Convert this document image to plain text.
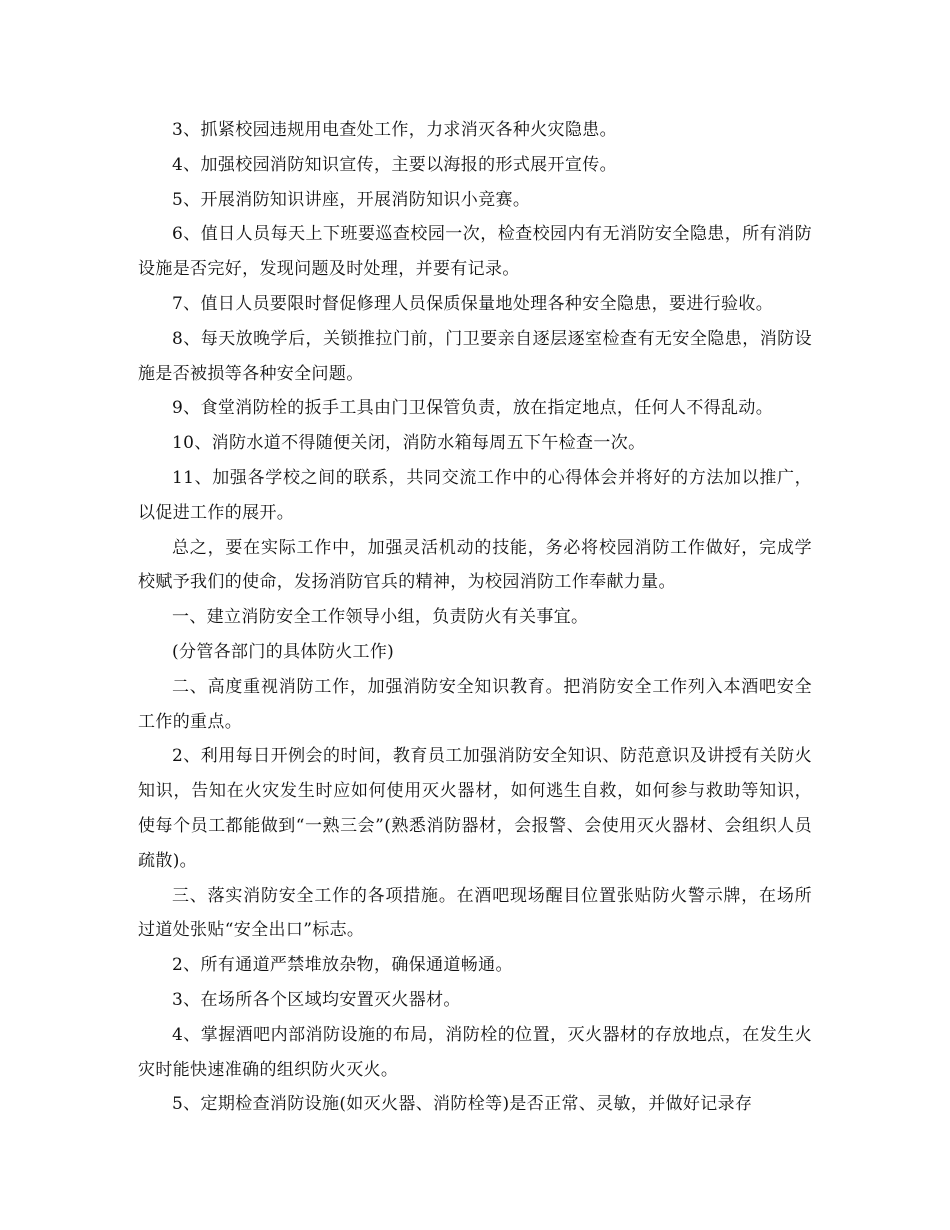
3、抓紧校园违规用电查处工作，力求消灭各种火灾隐患。

4、加强校园消防知识宣传，主要以海报的形式展开宣传。

5、开展消防知识讲座，开展消防知识小竞赛。

6、值日人员每天上下班要巡查校园一次，检查校园内有无消防安全隐患，所有消防设施是否完好，发现问题及时处理，并要有记录。

7、值日人员要限时督促修理人员保质保量地处理各种安全隐患，要进行验收。

8、每天放晚学后，关锁推拉门前，门卫要亲自逐层逐室检查有无安全隐患，消防设施是否被损等各种安全问题。

9、食堂消防栓的扳手工具由门卫保管负责，放在指定地点，任何人不得乱动。

10、消防水道不得随便关闭，消防水箱每周五下午检查一次。

11、加强各学校之间的联系，共同交流工作中的心得体会并将好的方法加以推广，以促进工作的展开。

总之，要在实际工作中，加强灵活机动的技能，务必将校园消防工作做好，完成学校赋予我们的使命，发扬消防官兵的精神，为校园消防工作奉献力量。

一、建立消防安全工作领导小组，负责防火有关事宜。

(分管各部门的具体防火工作)

二、高度重视消防工作，加强消防安全知识教育。把消防安全工作列入本酒吧安全工作的重点。

2、利用每日开例会的时间，教育员工加强消防安全知识、防范意识及讲授有关防火知识，告知在火灾发生时应如何使用灭火器材，如何逃生自救，如何参与救助等知识，使每个员工都能做到“一熟三会”(熟悉消防器材，会报警、会使用灭火器材、会组织人员疏散)。

三、落实消防安全工作的各项措施。在酒吧现场醒目位置张贴防火警示牌，在场所过道处张贴“安全出口”标志。

2、所有通道严禁堆放杂物，确保通道畅通。

3、在场所各个区域均安置灭火器材。

4、掌握酒吧内部消防设施的布局，消防栓的位置，灭火器材的存放地点，在发生火灾时能快速准确的组织防火灭火。

5、定期检查消防设施(如灭火器、消防栓等)是否正常、灵敏，并做好记录存
